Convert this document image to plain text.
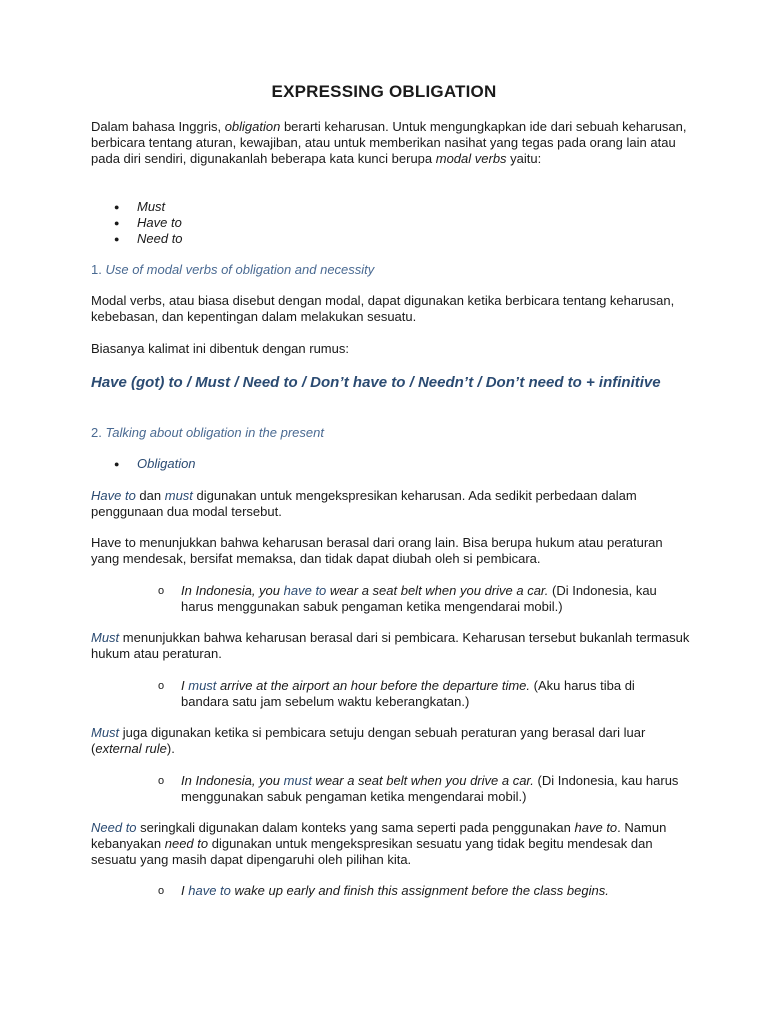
EXPRESSING OBLIGATION

Dalam bahasa Inggris, obligation berarti keharusan. Untuk mengungkapkan ide dari sebuah keharusan, berbicara tentang aturan, kewajiban, atau untuk memberikan nasihat yang tegas pada orang lain atau pada diri sendiri, digunakanlah beberapa kata kunci berupa modal verbs yaitu:

● Must
● Have to
● Need to

1. Use of modal verbs of obligation and necessity

Modal verbs, atau biasa disebut dengan modal, dapat digunakan ketika berbicara tentang keharusan, kebebasan, dan kepentingan dalam melakukan sesuatu.

Biasanya kalimat ini dibentuk dengan rumus:

Have (got) to / Must / Need to / Don’t have to / Needn’t / Don’t need to + infinitive

2. Talking about obligation in the present

● Obligation

Have to dan must digunakan untuk mengekspresikan keharusan. Ada sedikit perbedaan dalam penggunaan dua modal tersebut.

Have to menunjukkan bahwa keharusan berasal dari orang lain. Bisa berupa hukum atau peraturan yang mendesak, bersifat memaksa, dan tidak dapat diubah oleh si pembicara.

o In Indonesia, you have to wear a seat belt when you drive a car. (Di Indonesia, kau harus menggunakan sabuk pengaman ketika mengendarai mobil.)

Must menunjukkan bahwa keharusan berasal dari si pembicara. Keharusan tersebut bukanlah termasuk hukum atau peraturan.

o I must arrive at the airport an hour before the departure time. (Aku harus tiba di bandara satu jam sebelum waktu keberangkatan.)

Must juga digunakan ketika si pembicara setuju dengan sebuah peraturan yang berasal dari luar (external rule).

o In Indonesia, you must wear a seat belt when you drive a car. (Di Indonesia, kau harus menggunakan sabuk pengaman ketika mengendarai mobil.)

Need to seringkali digunakan dalam konteks yang sama seperti pada penggunakan have to. Namun kebanyakan need to digunakan untuk mengekspresikan sesuatu yang tidak begitu mendesak dan sesuatu yang masih dapat dipengaruhi oleh pilihan kita.

o I have to wake up early and finish this assignment before the class begins.
